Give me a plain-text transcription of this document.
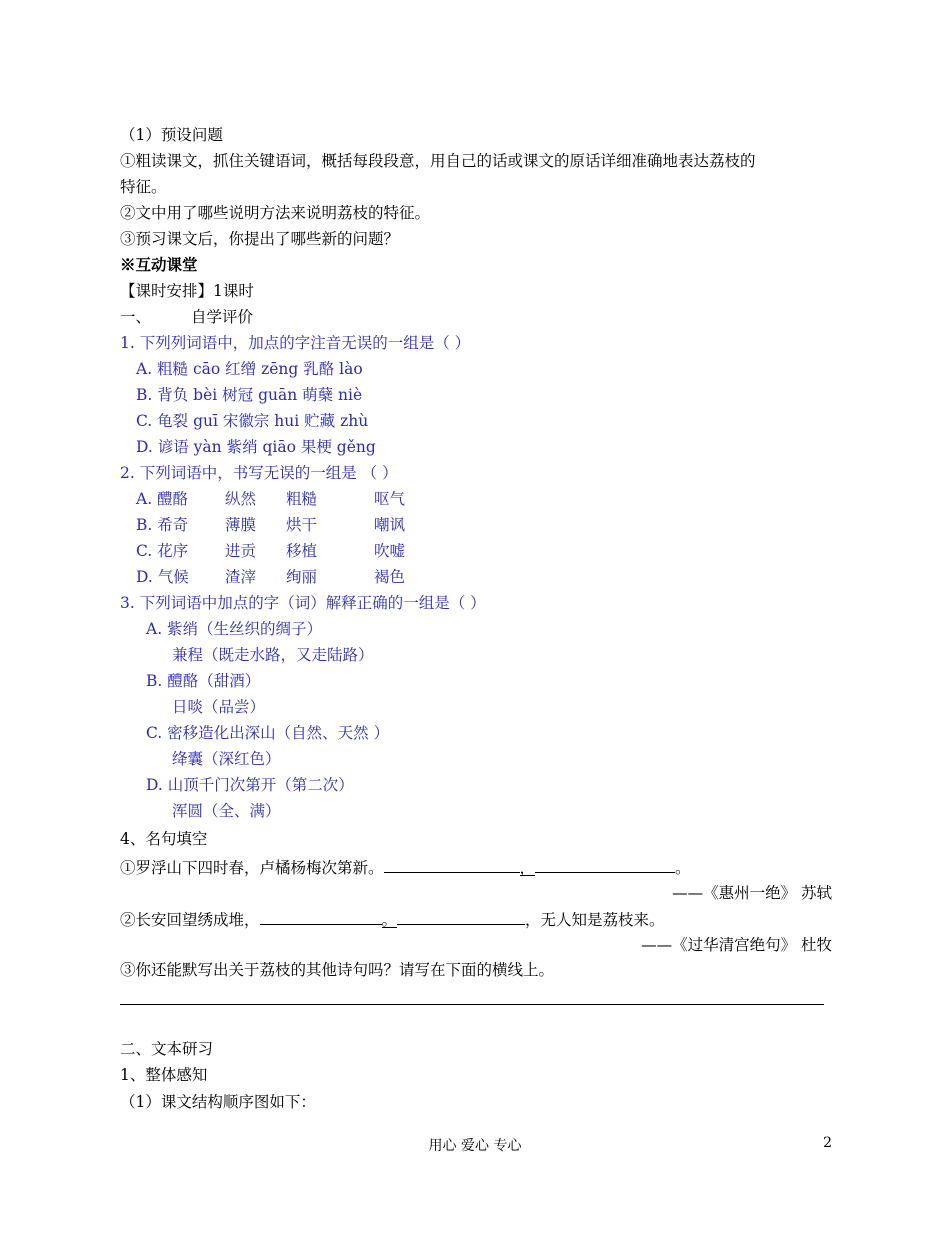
（1）预设问题
①粗读课文，抓住关键语词，概括每段段意，用自己的话或课文的原话详细准确地表达荔枝的
特征。
②文中用了哪些说明方法来说明荔枝的特征。
③预习课文后，你提出了哪些新的问题？
※互动课堂
【课时安排】1课时
一、	自学评价
1. 下列列词语中，加点的字注音无误的一组是（ ）
A. 粗糙 cāo 红缯 zēng 乳酪 lào
B. 背负 bèi 树冠 guān 萌蘖 niè
C. 龟裂 guī 宋徽宗 hui 贮藏 zhù
D. 谚语 yàn 紫绡 qiāo 果梗 gěng
2. 下列词语中，书写无误的一组是 （ ）
A. 醴酪 纵然 粗糙	呕气
B. 希奇 薄膜 烘干	嘲讽
C. 花序 进贡 移植	吹嘘
D. 气候 渣滓 绚丽	褐色
3. 下列词语中加点的字（词）解释正确的一组是（ ）
A. 紫绡（生丝织的绸子）
兼程（既走水路，又走陆路）
B. 醴酪（甜酒）
日啖（品尝）
C. 密移造化出深山（自然、天然 ）
绛囊（深红色）
D. 山顶千门次第开（第二次）
浑圆（全、满）
4、名句填空
①罗浮山下四时春，卢橘杨梅次第新。	，	。
——《惠州一绝》 苏轼
②长安回望绣成堆，	。	，无人知是荔枝来。
——《过华清宫绝句》 杜牧
③你还能默写出关于荔枝的其他诗句吗？请写在下面的横线上。
二、文本研习
1、整体感知
（1）课文结构顺序图如下：
用心 爱心 专心	2
